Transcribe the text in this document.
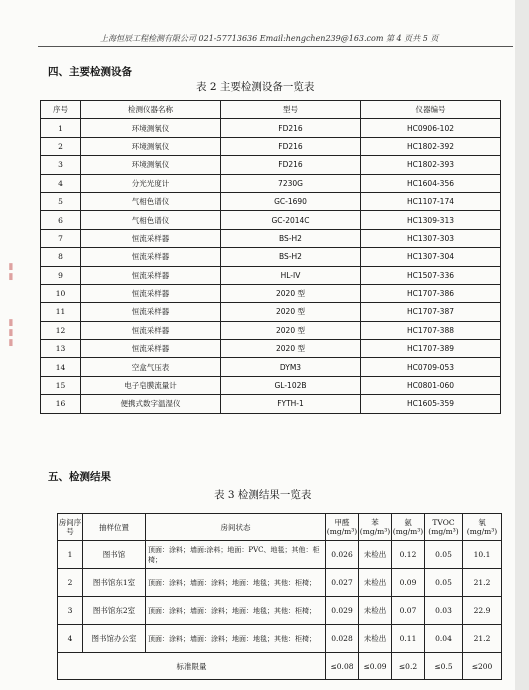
上海恒辰工程检测有限公司 021-57713636 Email:hengchen239@163.com 第 4 页共 5 页
▮▮
▮▮▮
四、主要检测设备
表 2 主要检测设备一览表
序号	检测仪器名称	型号	仪器编号
1	环境测氡仪	FD216	HC0906-102
2	环境测氡仪	FD216	HC1802-392
3	环境测氡仪	FD216	HC1802-393
4	分光光度计	7230G	HC1604-356
5	气相色谱仪	GC-1690	HC1107-174
6	气相色谱仪	GC-2014C	HC1309-313
7	恒流采样器	BS-H2	HC1307-303
8	恒流采样器	BS-H2	HC1307-304
9	恒流采样器	HL-IV	HC1507-336
10	恒流采样器	2020 型	HC1707-386
11	恒流采样器	2020 型	HC1707-387
12	恒流采样器	2020 型	HC1707-388
13	恒流采样器	2020 型	HC1707-389
14	空盒气压表	DYM3	HC0709-053
15	电子皂膜流量计	GL-102B	HC0801-060
16	便携式数字温湿仪	FYTH-1	HC1605-359
五、检测结果
表 3 检测结果一览表
房间序号	抽样位置	房间状态	甲醛 (mg/m³)	苯 (mg/m³)	氨 (mg/m³)	TVOC (mg/m³)	氡 (mg/m³)
1	图书馆	顶面：涂料；墙面:涂料；地面：PVC、地毯；其他：柜椅；	0.026	未检出	0.12	0.05	10.1
2	图书馆东1室	顶面：涂料；墙面：涂料；地面：地毯；其他：柜椅；	0.027	未检出	0.09	0.05	21.2
3	图书馆东2室	顶面：涂料；墙面：涂料；地面：地毯；其他：柜椅；	0.029	未检出	0.07	0.03	22.9
4	图书馆办公室	顶面：涂料；墙面：涂料；地面：地毯；其他：柜椅；	0.028	未检出	0.11	0.04	21.2
标准限量			≤0.08	≤0.09	≤0.2	≤0.5	≤200
